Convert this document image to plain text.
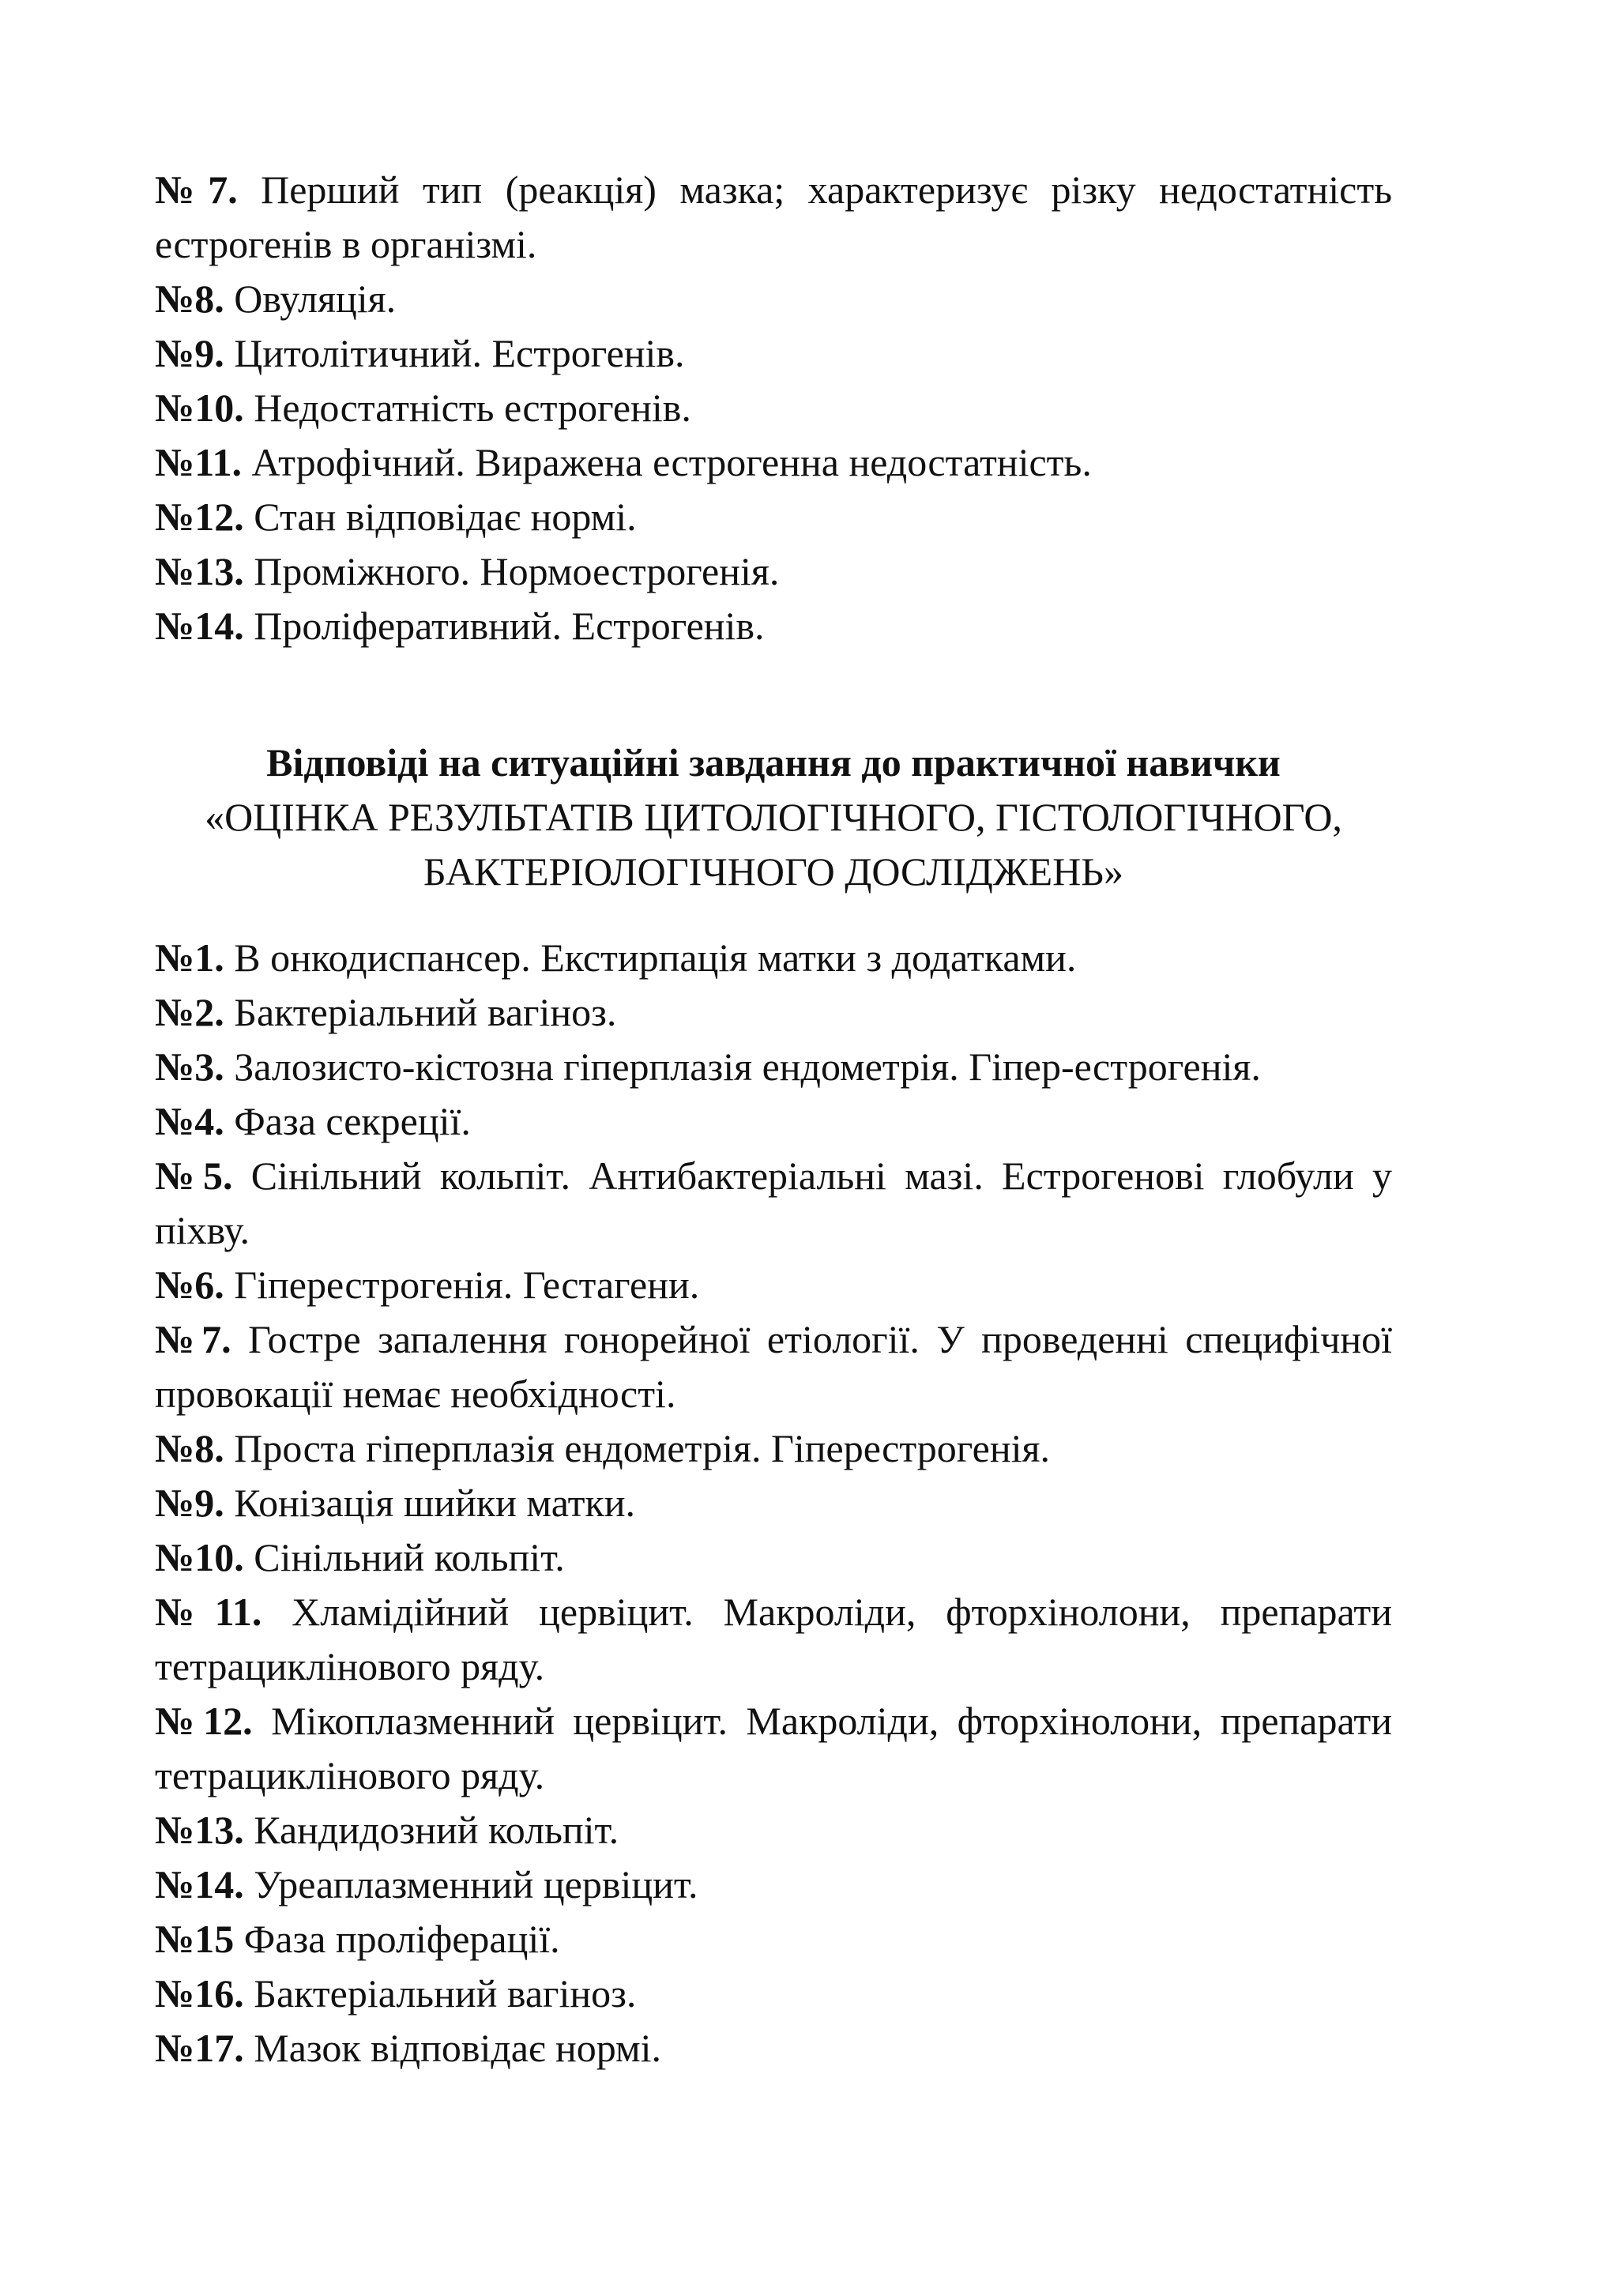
№7. Перший тип (реакція) мазка; характеризує різку недостатність естрогенів в організмі.

№8. Овуляція.

№9. Цитолітичний. Естрогенів.

№10. Недостатність естрогенів.

№11. Атрофічний. Виражена естрогенна недостатність.

№12. Стан відповідає нормі.

№13. Проміжного. Нормоестрогенія.

№14. Проліферативний. Естрогенів.

Відповіді на ситуаційні завдання до практичної навички
«ОЦІНКА РЕЗУЛЬТАТІВ ЦИТОЛОГІЧНОГО, ГІСТОЛОГІЧНОГО,
БАКТЕРІОЛОГІЧНОГО ДОСЛІДЖЕНЬ»

№1. В онкодиспансер. Екстирпація матки з додатками.

№2. Бактеріальний вагіноз.

№3. Залозисто-кістозна гіперплазія ендометрія. Гіпер-естрогенія.

№4. Фаза секреції.

№5. Сінільний кольпіт. Антибактеріальні мазі. Естрогенові глобули у піхву.

№6. Гіперестрогенія. Гестагени.

№7. Гостре запалення гонорейної етіології. У проведенні специфічної провокації немає необхідності.

№8. Проста гіперплазія ендометрія. Гіперестрогенія.

№9. Конізація шийки матки.

№10. Сінільний кольпіт.

№11. Хламідійний цервіцит. Макроліди, фторхінолони, препарати тетрациклінового ряду.

№12. Мікоплазменний цервіцит. Макроліди, фторхінолони, препарати тетрациклінового ряду.

№13. Кандидозний кольпіт.

№14. Уреаплазменний цервіцит.

№15 Фаза проліферації.

№16. Бактеріальний вагіноз.

№17. Мазок відповідає нормі.
